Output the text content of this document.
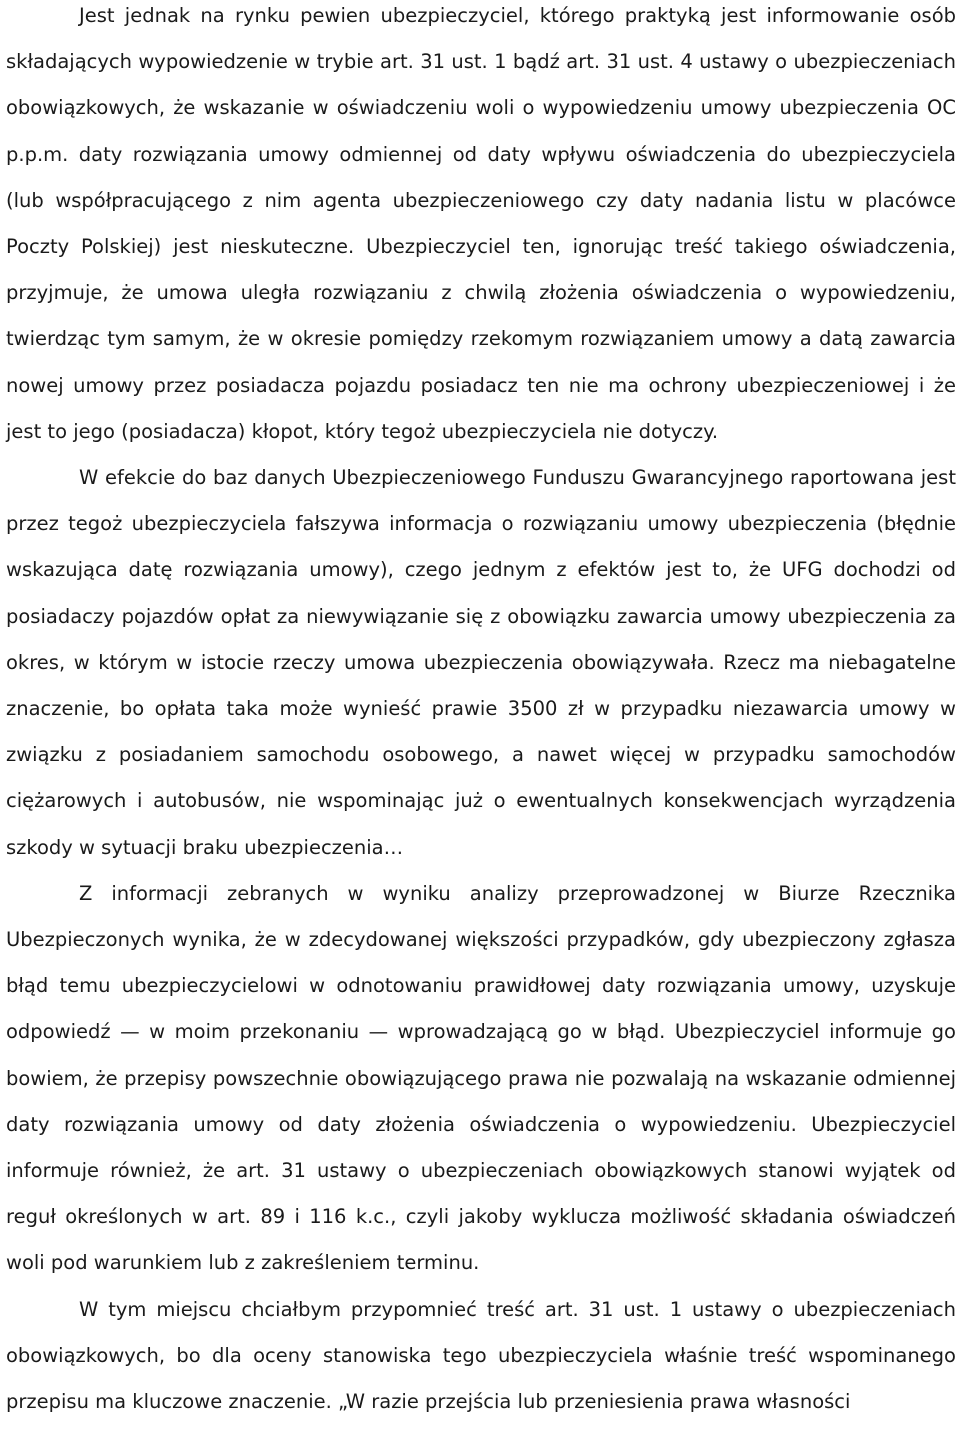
Jest jednak na rynku pewien ubezpieczyciel, którego praktyką jest informowanie osób składających wypowiedzenie w trybie art. 31 ust. 1 bądź art. 31 ust. 4 ustawy o ubezpieczeniach obowiązkowych, że wskazanie w oświadczeniu woli o wypowiedzeniu umowy ubezpieczenia OC p.p.m. daty rozwiązania umowy odmiennej od daty wpływu oświadczenia do ubezpieczyciela (lub współpracującego z nim agenta ubezpieczeniowego czy daty nadania listu w placówce Poczty Polskiej) jest nieskuteczne. Ubezpieczyciel ten, ignorując treść takiego oświadczenia, przyjmuje, że umowa uległa rozwiązaniu z chwilą złożenia oświadczenia o wypowiedzeniu, twierdząc tym samym, że w okresie pomiędzy rzekomym rozwiązaniem umowy a datą zawarcia nowej umowy przez posiadacza pojazdu posiadacz ten nie ma ochrony ubezpieczeniowej i że jest to jego (posiadacza) kłopot, który tegoż ubezpieczyciela nie dotyczy.

W efekcie do baz danych Ubezpieczeniowego Funduszu Gwarancyjnego raportowana jest przez tegoż ubezpieczyciela fałszywa informacja o rozwiązaniu umowy ubezpieczenia (błędnie wskazująca datę rozwiązania umowy), czego jednym z efektów jest to, że UFG dochodzi od posiadaczy pojazdów opłat za niewywiązanie się z obowiązku zawarcia umowy ubezpieczenia za okres, w którym w istocie rzeczy umowa ubezpieczenia obowiązywała. Rzecz ma niebagatelne znaczenie, bo opłata taka może wynieść prawie 3500 zł w przypadku niezawarcia umowy w związku z posiadaniem samochodu osobowego, a nawet więcej w przypadku samochodów ciężarowych i autobusów, nie wspominając już o ewentualnych konsekwencjach wyrządzenia szkody w sytuacji braku ubezpieczenia…

Z informacji zebranych w wyniku analizy przeprowadzonej w Biurze Rzecznika Ubezpieczonych wynika, że w zdecydowanej większości przypadków, gdy ubezpieczony zgłasza błąd temu ubezpieczycielowi w odnotowaniu prawidłowej daty rozwiązania umowy, uzyskuje odpowiedź — w moim przekonaniu — wprowadzającą go w błąd. Ubezpieczyciel informuje go bowiem, że przepisy powszechnie obowiązującego prawa nie pozwalają na wskazanie odmiennej daty rozwiązania umowy od daty złożenia oświadczenia o wypowiedzeniu. Ubezpieczyciel informuje również, że art. 31 ustawy o ubezpieczeniach obowiązkowych stanowi wyjątek od reguł określonych w art. 89 i 116 k.c., czyli jakoby wyklucza możliwość składania oświadczeń woli pod warunkiem lub z zakreśleniem terminu.

W tym miejscu chciałbym przypomnieć treść art. 31 ust. 1 ustawy o ubezpieczeniach obowiązkowych, bo dla oceny stanowiska tego ubezpieczyciela właśnie treść wspominanego przepisu ma kluczowe znaczenie. „W razie przejścia lub przeniesienia prawa własności
